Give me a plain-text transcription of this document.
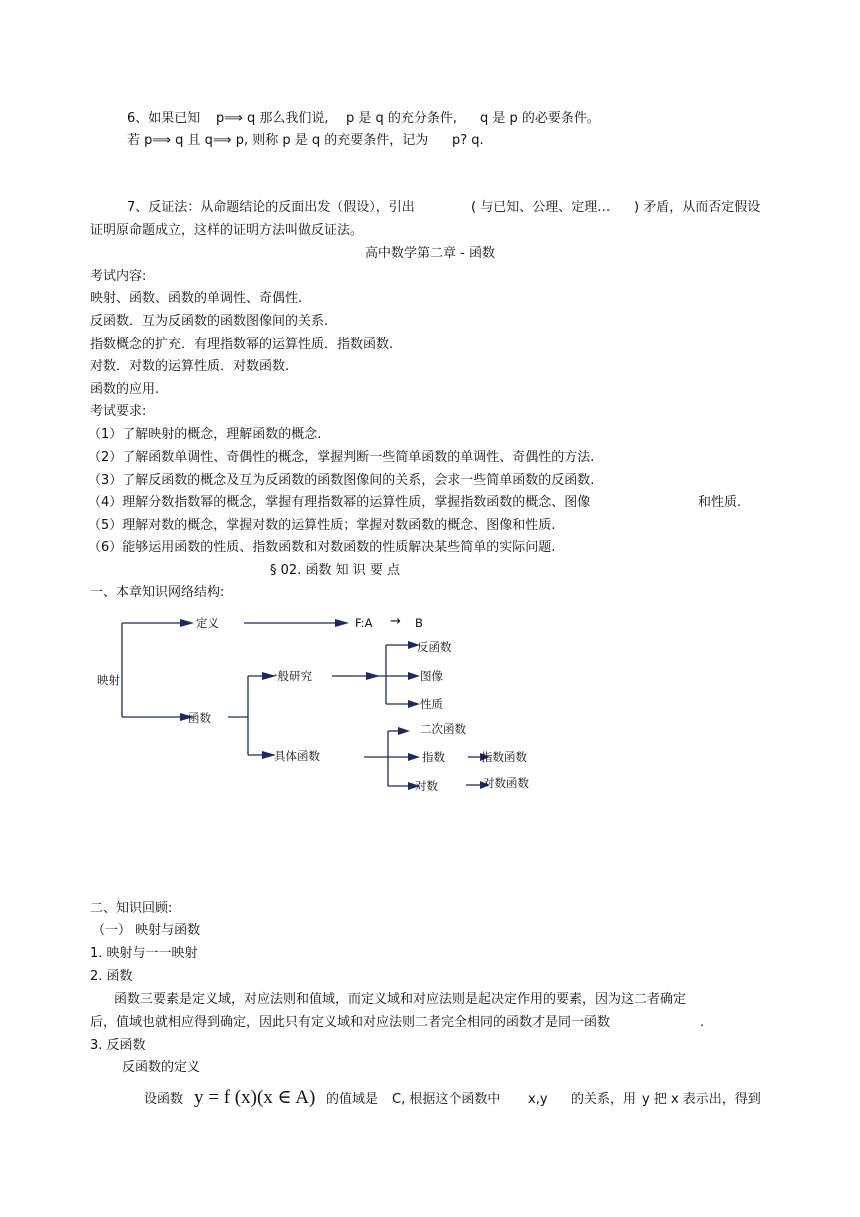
6、如果已知 p⟹ q 那么我们说, p 是 q 的充分条件, q 是 p 的必要条件。
若 p⟹ q 且 q⟹ p, 则称 p 是 q 的充要条件，记为 p? q.
7、反证法：从命题结论的反面出发（假设），引出	( 与已知、公理、定理… ) 矛盾，从而否定假设
证明原命题成立，这样的证明方法叫做反证法。
高中数学第二章 - 函数
考试内容:
映射、函数、函数的单调性、奇偶性.
反函数．互为反函数的函数图像间的关系.
指数概念的扩充．有理指数幂的运算性质．指数函数.
对数．对数的运算性质．对数函数.
函数的应用.
考试要求:
（1）了解映射的概念，理解函数的概念.
（2）了解函数单调性、奇偶性的概念，掌握判断一些简单函数的单调性、奇偶性的方法.
（3）了解反函数的概念及互为反函数的函数图像间的关系，会求一些简单函数的反函数.
（4）理解分数指数幂的概念，掌握有理指数幂的运算性质，掌握指数函数的概念、图像	和性质.
（5）理解对数的概念，掌握对数的运算性质；掌握对数函数的概念、图像和性质.
（6）能够运用函数的性质、指数函数和对数函数的性质解决某些简单的实际问题.
§ 02. 函数 知 识 要 点
一、本章知识网络结构:
映射
定义	F:A → B
函数
一般研究
反函数
图像
性质
具体函数
二次函数
指数	指数函数
对数	对数函数
二、知识回顾:
（一） 映射与函数
1. 映射与一一映射
2. 函数
函数三要素是定义域，对应法则和值域，而定义域和对应法则是起决定作用的要素，因为这二者确定
后，值域也就相应得到确定，因此只有定义域和对应法则二者完全相同的函数才是同一函数	.
3. 反函数
反函数的定义
设函数 y = f (x)(x ∈ A) 的值域是 C, 根据这个函数中 x,y 的关系，用 y 把 x 表示出，得到
